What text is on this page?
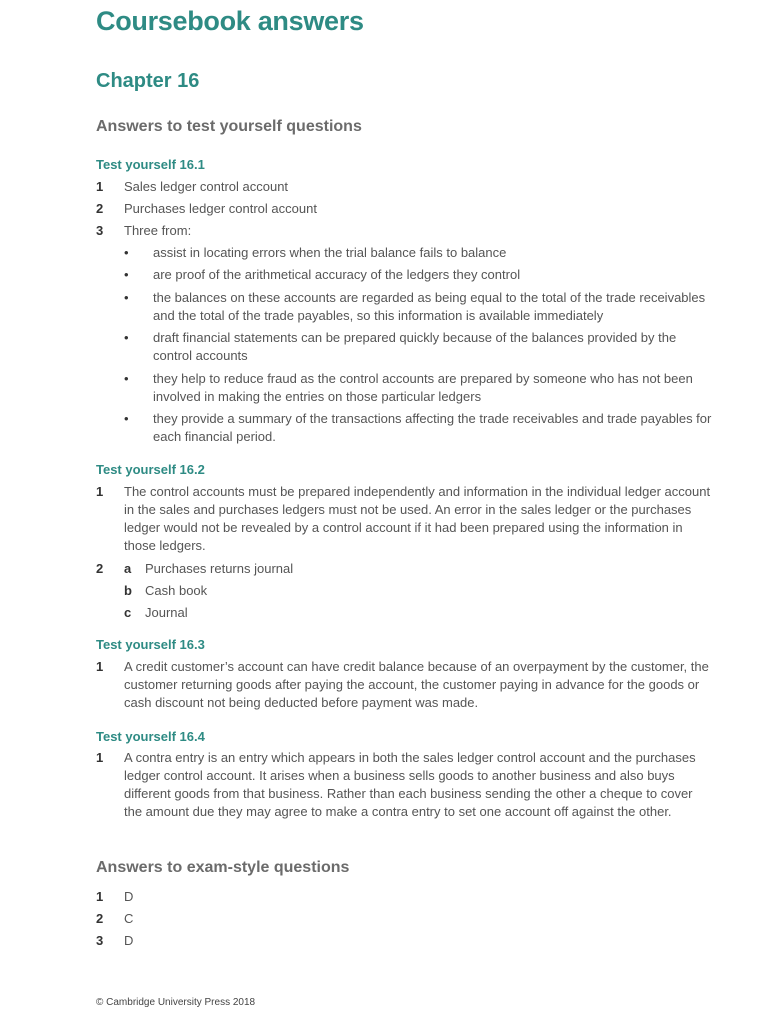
Coursebook answers
Chapter 16
Answers to test yourself questions
Test yourself 16.1
1 Sales ledger control account
2 Purchases ledger control account
3 Three from:
• assist in locating errors when the trial balance fails to balance
• are proof of the arithmetical accuracy of the ledgers they control
• the balances on these accounts are regarded as being equal to the total of the trade receivables and the total of the trade payables, so this information is available immediately
• draft financial statements can be prepared quickly because of the balances provided by the control accounts
• they help to reduce fraud as the control accounts are prepared by someone who has not been involved in making the entries on those particular ledgers
• they provide a summary of the transactions affecting the trade receivables and trade payables for each financial period.
Test yourself 16.2
1 The control accounts must be prepared independently and information in the individual ledger account in the sales and purchases ledgers must not be used. An error in the sales ledger or the purchases ledger would not be revealed by a control account if it had been prepared using the information in those ledgers.
2 a Purchases returns journal
b Cash book
c Journal
Test yourself 16.3
1 A credit customer’s account can have credit balance because of an overpayment by the customer, the customer returning goods after paying the account, the customer paying in advance for the goods or cash discount not being deducted before payment was made.
Test yourself 16.4
1 A contra entry is an entry which appears in both the sales ledger control account and the purchases ledger control account. It arises when a business sells goods to another business and also buys different goods from that business. Rather than each business sending the other a cheque to cover the amount due they may agree to make a contra entry to set one account off against the other.
Answers to exam-style questions
1 D
2 C
3 D
© Cambridge University Press 2018
